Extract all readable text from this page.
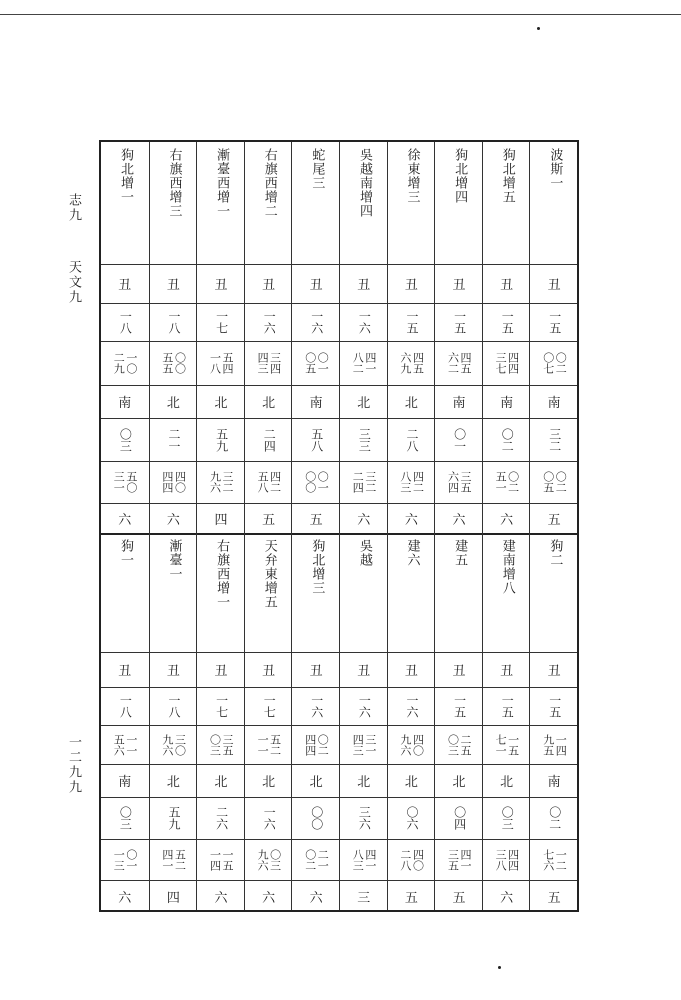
志九
天文九
一二九九
波斯一
丑
一五
〇二
〇七
南
三二
〇二
〇五
五
狗二
丑
一五
一四
九五
南
〇二
一二
七六
五
狗北增五
丑
一五
四四
三七
南
〇二
〇二
五一
六
建南增八
丑
一五
一五
七一
北
〇三
四四
三八
六
狗北增四
丑
一五
四五
六二
南
〇一
三五
六四
六
建五
丑
一五
二五
〇三
北
〇四
四一
三五
五
徐東增三
丑
一五
四五
六九
北
二八
四二
八三
六
建六
丑
一六
四〇
九六
北
〇六
四〇
二八
五
吳越南增四
丑
一六
四一
八二
北
三三
三二
二四
六
吳越
丑
一六
三一
四三
北
三六
四一
八三
三
蛇尾三
丑
一六
〇一
〇五
南
五八
〇一
〇〇
五
狗北增三
丑
一六
〇二
四四
北
〇〇
二一
〇二
六
右旗西增二
丑
一六
三四
四三
北
二四
四二
五八
五
天弁東增五
丑
一七
五二
一一
北
一六
〇三
九六
六
漸臺西增一
丑
一七
五四
一八
北
五九
三二
九六
四
右旗西增一
丑
一七
三五
〇三
北
二六
一五
一四
六
右旗西增三
丑
一八
〇〇
五五
北
二一
四〇
四四
六
漸臺一
丑
一八
三〇
九六
北
五九
五二
四一
四
狗北增一
丑
一八
一〇
二九
南
〇三
五〇
三一
六
狗一
丑
一八
一一
五六
南
〇三
〇一
一三
六
